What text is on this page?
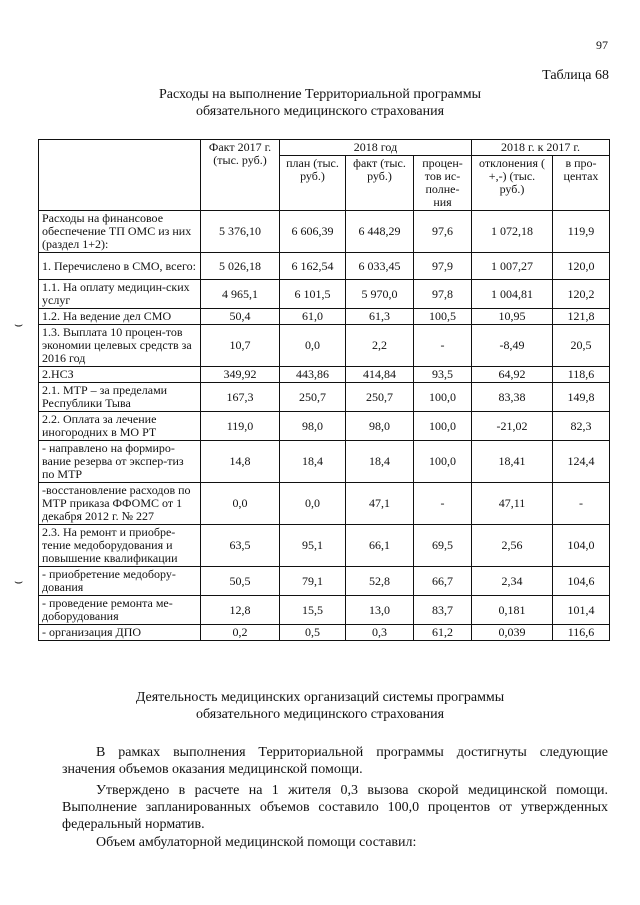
97
Таблица 68
Расходы на выполнение Территориальной программы
обязательного медицинского страхования
	Факт 2017 г. (тыс. руб.)	2018 год			2018 г. к 2017 г.	
		план (тыс. руб.)	факт (тыс. руб.)	процен-тов ис-полне-ния	отклонения ( +,-) (тыс. руб.)	в про-центах
Расходы на финансовое обеспечение ТП ОМС из них (раздел 1+2):	5 376,10	6 606,39	6 448,29	97,6	1 072,18	119,9
1. Перечислено в СМО, всего:	5 026,18	6 162,54	6 033,45	97,9	1 007,27	120,0
1.1. На оплату медицин-ских услуг	4 965,1	6 101,5	5 970,0	97,8	1 004,81	120,2
1.2. На ведение дел СМО	50,4	61,0	61,3	100,5	10,95	121,8
1.3. Выплата 10 процен-тов экономии целевых средств за 2016 год	10,7	0,0	2,2	-	-8,49	20,5
2.НСЗ	349,92	443,86	414,84	93,5	64,92	118,6
2.1. МТР – за пределами Республики Тыва	167,3	250,7	250,7	100,0	83,38	149,8
2.2. Оплата за лечение иногородних в МО РТ	119,0	98,0	98,0	100,0	-21,02	82,3
- направлено на формиро-вание резерва от экспер-тиз по МТР	14,8	18,4	18,4	100,0	18,41	124,4
-восстановление расходов по МТР приказа ФФОМС от 1 декабря 2012 г. № 227	0,0	0,0	47,1	-	47,11	-
2.3. На ремонт и приобре-тение медоборудования и повышение квалификации	63,5	95,1	66,1	69,5	2,56	104,0
- приобретение медобору-дования	50,5	79,1	52,8	66,7	2,34	104,6
- проведение ремонта ме-доборудования	12,8	15,5	13,0	83,7	0,181	101,4
- организация ДПО	0,2	0,5	0,3	61,2	0,039	116,6
⌣
⌣
Деятельность медицинских организаций системы программы
обязательного медицинского страхования
В рамках выполнения Территориальной программы достигнуты следующие значения объемов оказания медицинской помощи.
Утверждено в расчете на 1 жителя 0,3 вызова скорой медицинской помощи. Выполнение запланированных объемов составило 100,0 процентов от утвержденных федеральный норматив.
Объем амбулаторной медицинской помощи составил:
